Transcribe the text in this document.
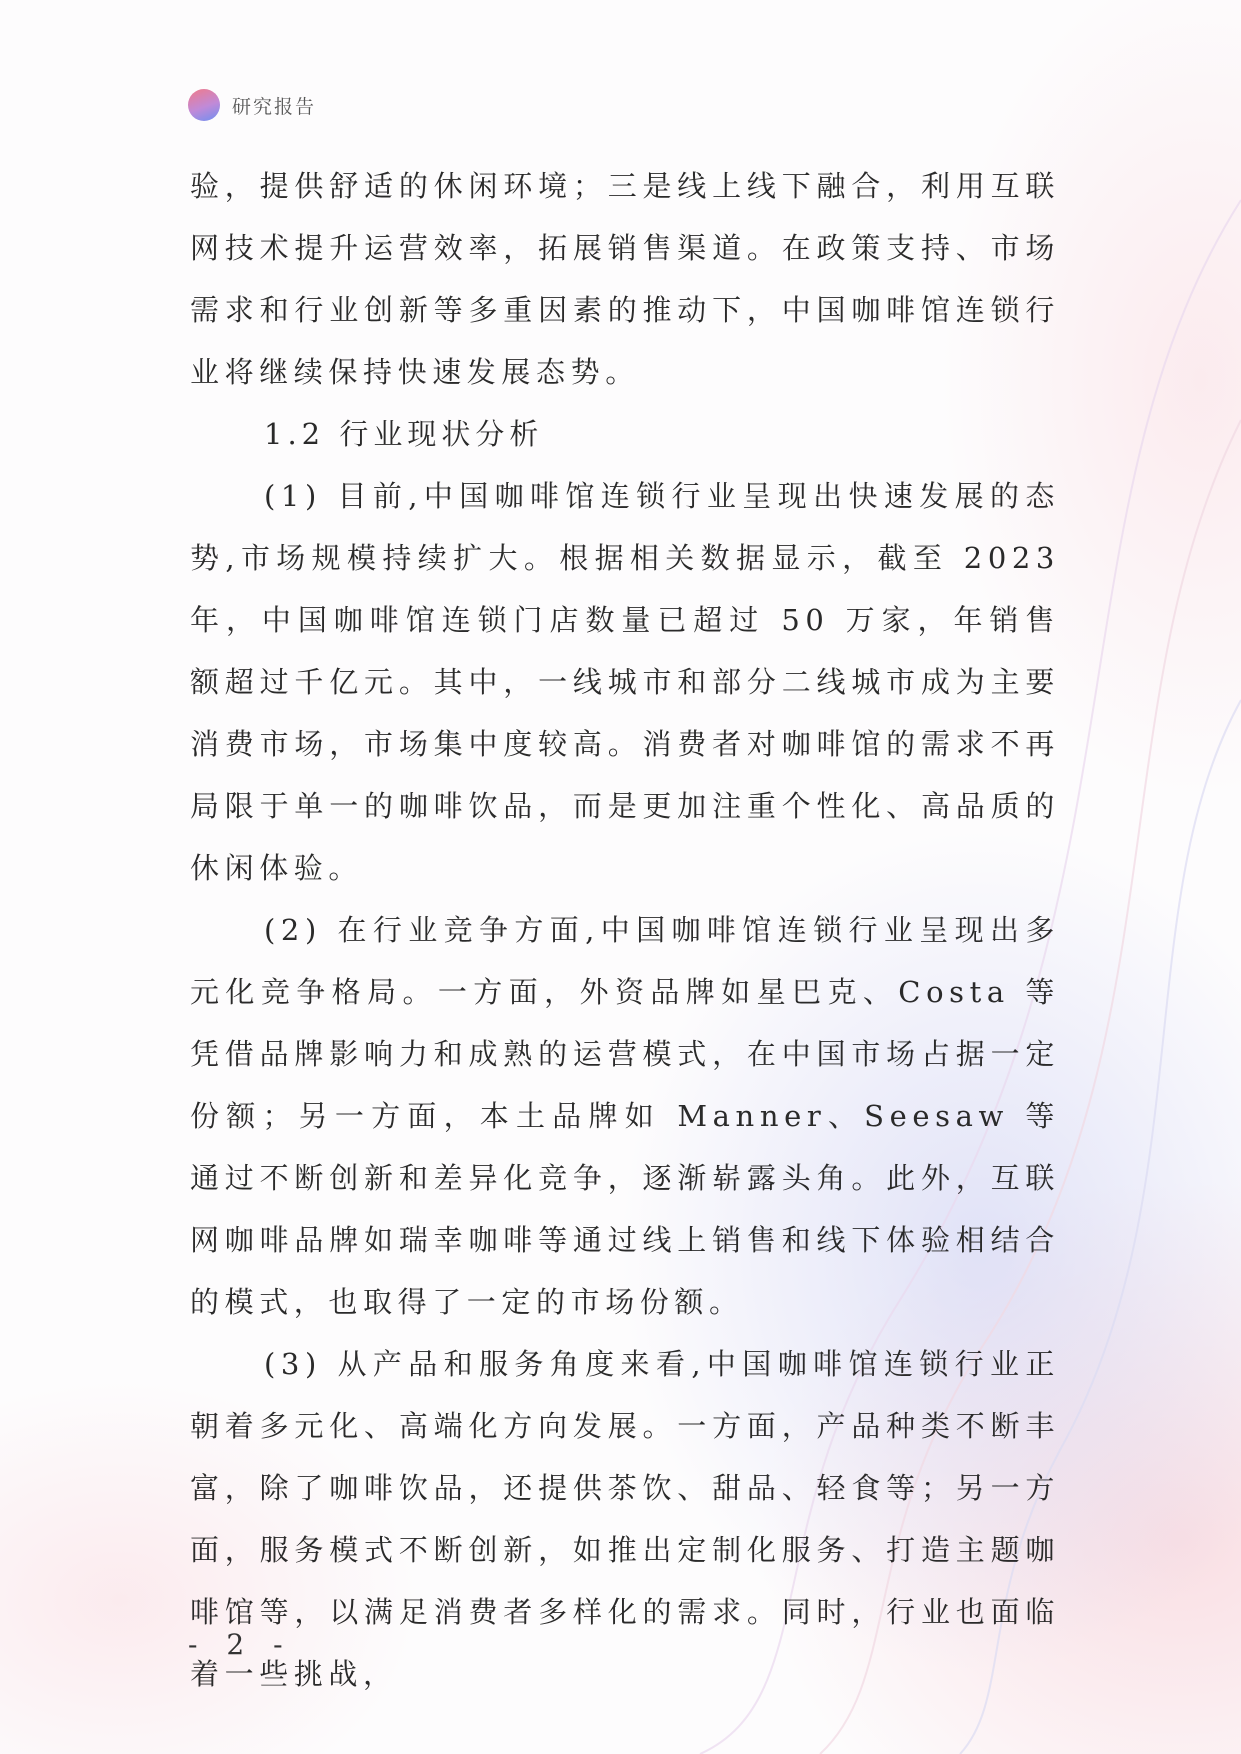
研究报告

验，提供舒适的休闲环境；三是线上线下融合，利用互联网技术提升运营效率，拓展销售渠道。在政策支持、市场需求和行业创新等多重因素的推动下，中国咖啡馆连锁行业将继续保持快速发展态势。

1.2 行业现状分析

(1) 目前,中国咖啡馆连锁行业呈现出快速发展的态势,市场规模持续扩大。根据相关数据显示，截至 2023 年，中国咖啡馆连锁门店数量已超过 50 万家，年销售额超过千亿元。其中，一线城市和部分二线城市成为主要消费市场，市场集中度较高。消费者对咖啡馆的需求不再局限于单一的咖啡饮品，而是更加注重个性化、高品质的休闲体验。

(2) 在行业竞争方面,中国咖啡馆连锁行业呈现出多元化竞争格局。一方面，外资品牌如星巴克、Costa 等凭借品牌影响力和成熟的运营模式，在中国市场占据一定份额；另一方面，本土品牌如 Manner、Seesaw 等通过不断创新和差异化竞争，逐渐崭露头角。此外，互联网咖啡品牌如瑞幸咖啡等通过线上销售和线下体验相结合的模式，也取得了一定的市场份额。

(3) 从产品和服务角度来看,中国咖啡馆连锁行业正朝着多元化、高端化方向发展。一方面，产品种类不断丰富，除了咖啡饮品，还提供茶饮、甜品、轻食等；另一方面，服务模式不断创新，如推出定制化服务、打造主题咖啡馆等，以满足消费者多样化的需求。同时，行业也面临着一些挑战，

- 2 -
